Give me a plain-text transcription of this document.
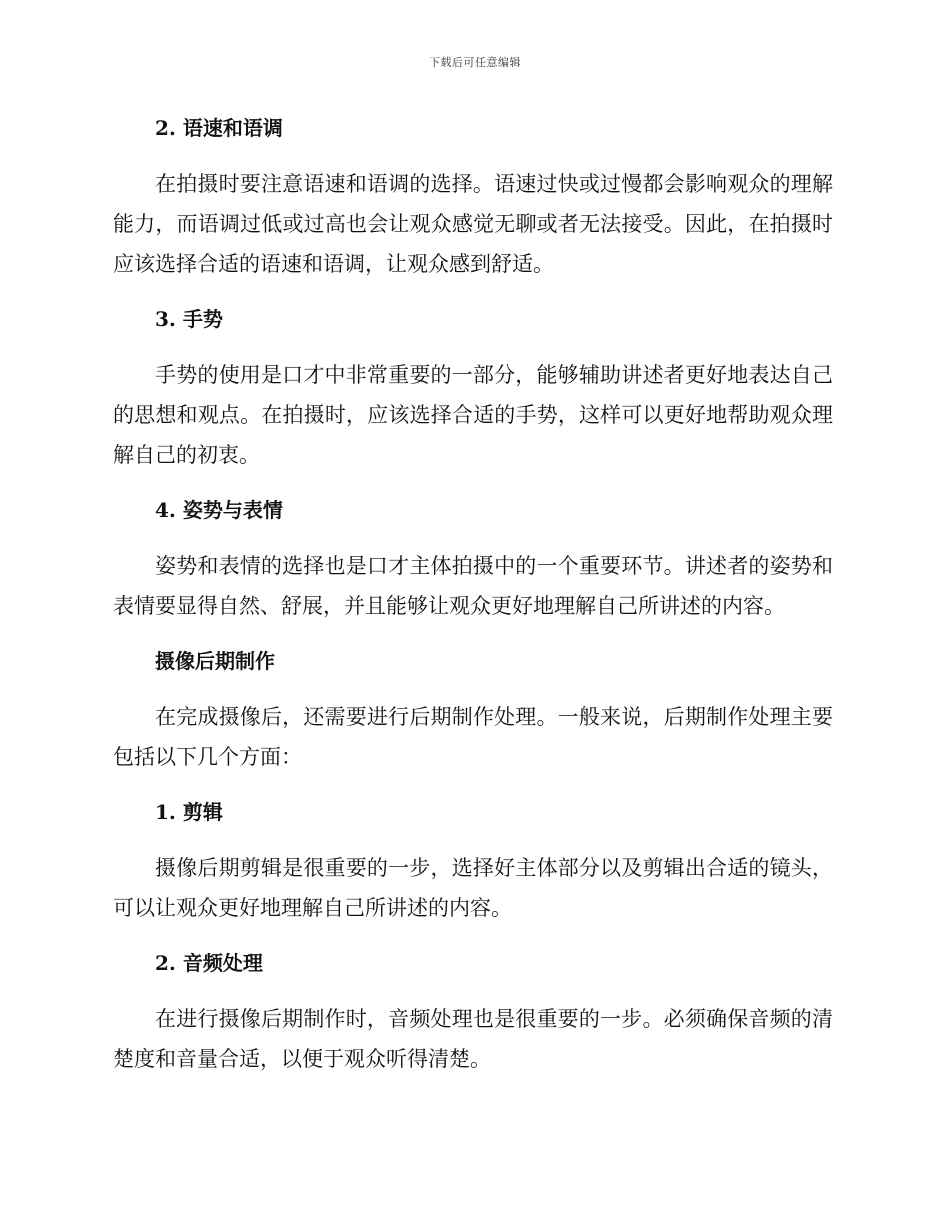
下载后可任意编辑
2. 语速和语调

在拍摄时要注意语速和语调的选择。语速过快或过慢都会影响观众的理解能力，而语调过低或过高也会让观众感觉无聊或者无法接受。因此，在拍摄时应该选择合适的语速和语调，让观众感到舒适。

3. 手势

手势的使用是口才中非常重要的一部分，能够辅助讲述者更好地表达自己的思想和观点。在拍摄时，应该选择合适的手势，这样可以更好地帮助观众理解自己的初衷。

4. 姿势与表情

姿势和表情的选择也是口才主体拍摄中的一个重要环节。讲述者的姿势和表情要显得自然、舒展，并且能够让观众更好地理解自己所讲述的内容。

摄像后期制作

在完成摄像后，还需要进行后期制作处理。一般来说，后期制作处理主要包括以下几个方面：

1. 剪辑

摄像后期剪辑是很重要的一步，选择好主体部分以及剪辑出合适的镜头，可以让观众更好地理解自己所讲述的内容。

2. 音频处理

在进行摄像后期制作时，音频处理也是很重要的一步。必须确保音频的清楚度和音量合适，以便于观众听得清楚。
